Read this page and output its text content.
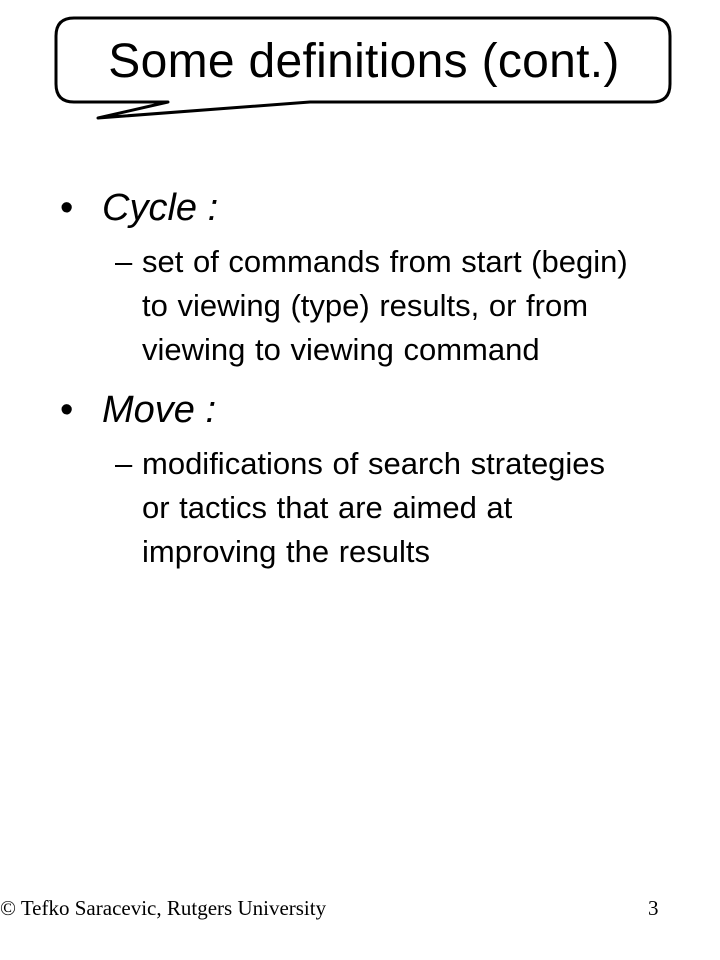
Some definitions (cont.)
• Cycle :
– set of commands from start (begin) to viewing (type) results, or from viewing to viewing command
• Move :
– modifications of search strategies or tactics that are aimed at improving the results
© Tefko Saracevic, Rutgers University	3
